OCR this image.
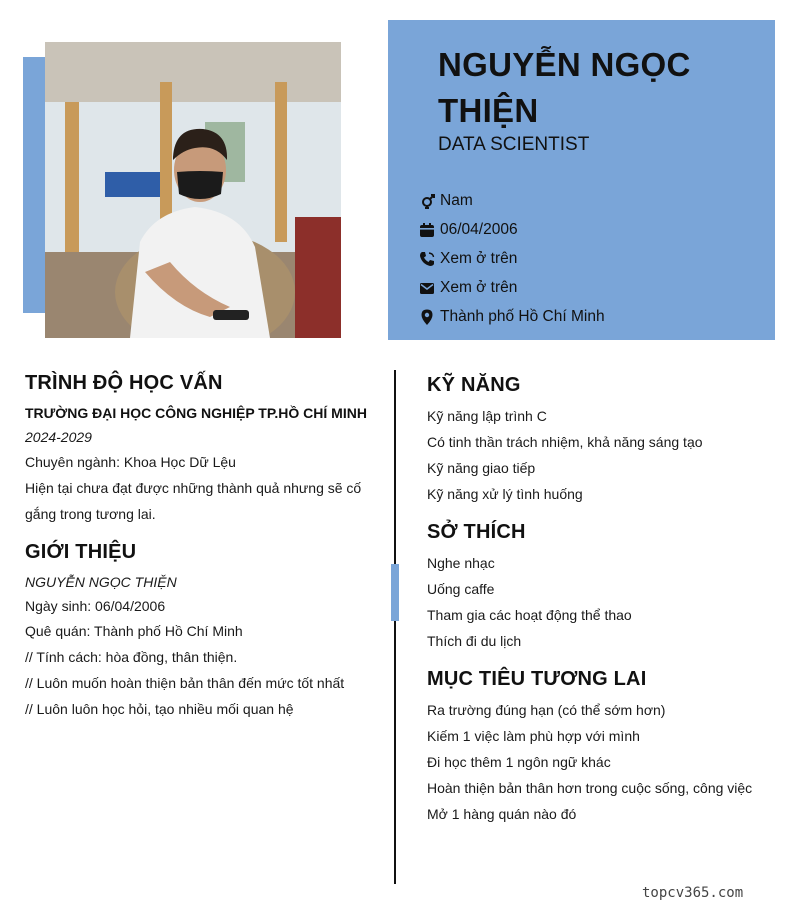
NGUYỄN NGỌC THIỆN
DATA SCIENTIST
Nam
06/04/2006
Xem ở trên
Xem ở trên
Thành phố Hồ Chí Minh
TRÌNH ĐỘ HỌC VẤN
TRƯỜNG ĐẠI HỌC CÔNG NGHIỆP TP.HỒ CHÍ MINH
2024-2029
Chuyên ngành: Khoa Học Dữ Lệu
Hiện tại chưa đạt được những thành quả nhưng sẽ cố gắng trong tương lai.
GIỚI THIỆU
NGUYỄN NGỌC THIỆN
Ngày sinh: 06/04/2006
Quê quán: Thành phố Hồ Chí Minh
// Tính cách: hòa đồng, thân thiện.
// Luôn muốn hoàn thiện bản thân đến mức tốt nhất
// Luôn luôn học hỏi, tạo nhiều mối quan hệ
KỸ NĂNG
Kỹ năng lập trình C
Có tinh thần trách nhiệm, khả năng sáng tạo
Kỹ năng giao tiếp
Kỹ năng xử lý tình huống
SỞ THÍCH
Nghe nhạc
Uống caffe
Tham gia các hoạt động thể thao
Thích đi du lịch
MỤC TIÊU TƯƠNG LAI
Ra trường đúng hạn (có thể sớm hơn)
Kiếm 1 việc làm phù hợp với mình
Đi học thêm 1 ngôn ngữ khác
Hoàn thiện bản thân hơn trong cuộc sống, công việc
Mở 1 hàng quán nào đó
topcv365.com
